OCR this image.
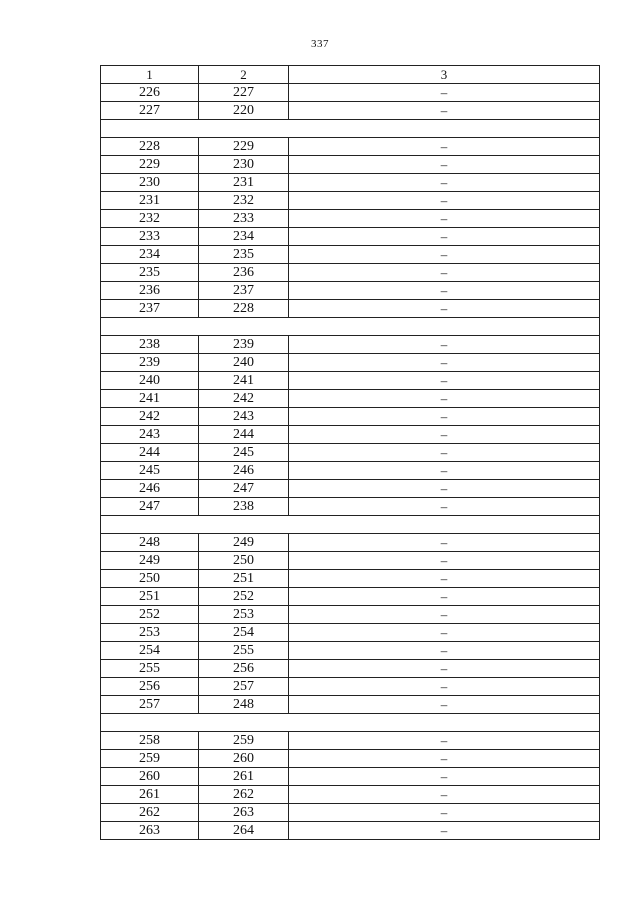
337
1	2	3
226	227	–
227	220	–

228	229	–
229	230	–
230	231	–
231	232	–
232	233	–
233	234	–
234	235	–
235	236	–
236	237	–
237	228	–

238	239	–
239	240	–
240	241	–
241	242	–
242	243	–
243	244	–
244	245	–
245	246	–
246	247	–
247	238	–

248	249	–
249	250	–
250	251	–
251	252	–
252	253	–
253	254	–
254	255	–
255	256	–
256	257	–
257	248	–

258	259	–
259	260	–
260	261	–
261	262	–
262	263	–
263	264	–
